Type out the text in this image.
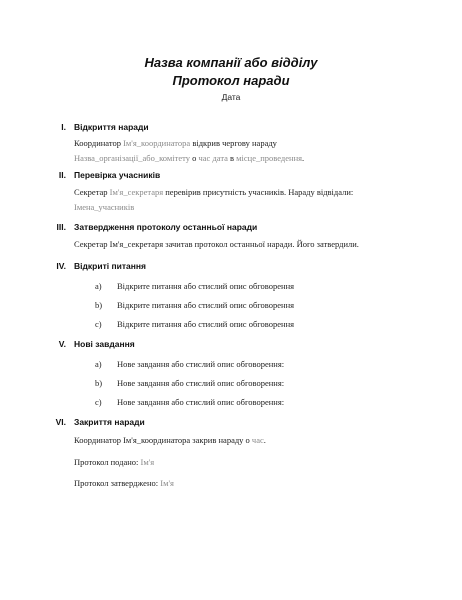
Назва компанії або відділу
Протокол наради
Дата
I. Відкриття наради
Координатор Ім'я_координатора відкрив чергову нараду Назва_організації_або_комітету о час дата в місце_проведення.
II. Перевірка учасників
Секретар Ім'я_секретаря перевірив присутність учасників. Нараду відвідали: Імена_учасників
III. Затвердження протоколу останньої наради
Секретар Ім'я_секретаря зачитав протокол останньої наради. Його затвердили.
IV. Відкриті питання
a) Відкрите питання або стислий опис обговорення
b) Відкрите питання або стислий опис обговорення
c) Відкрите питання або стислий опис обговорення
V. Нові завдання
a) Нове завдання або стислий опис обговорення:
b) Нове завдання або стислий опис обговорення:
c) Нове завдання або стислий опис обговорення:
VI. Закриття наради
Координатор Ім'я_координатора закрив нараду о час.
Протокол подано: Ім'я
Протокол затверджено: Ім'я
